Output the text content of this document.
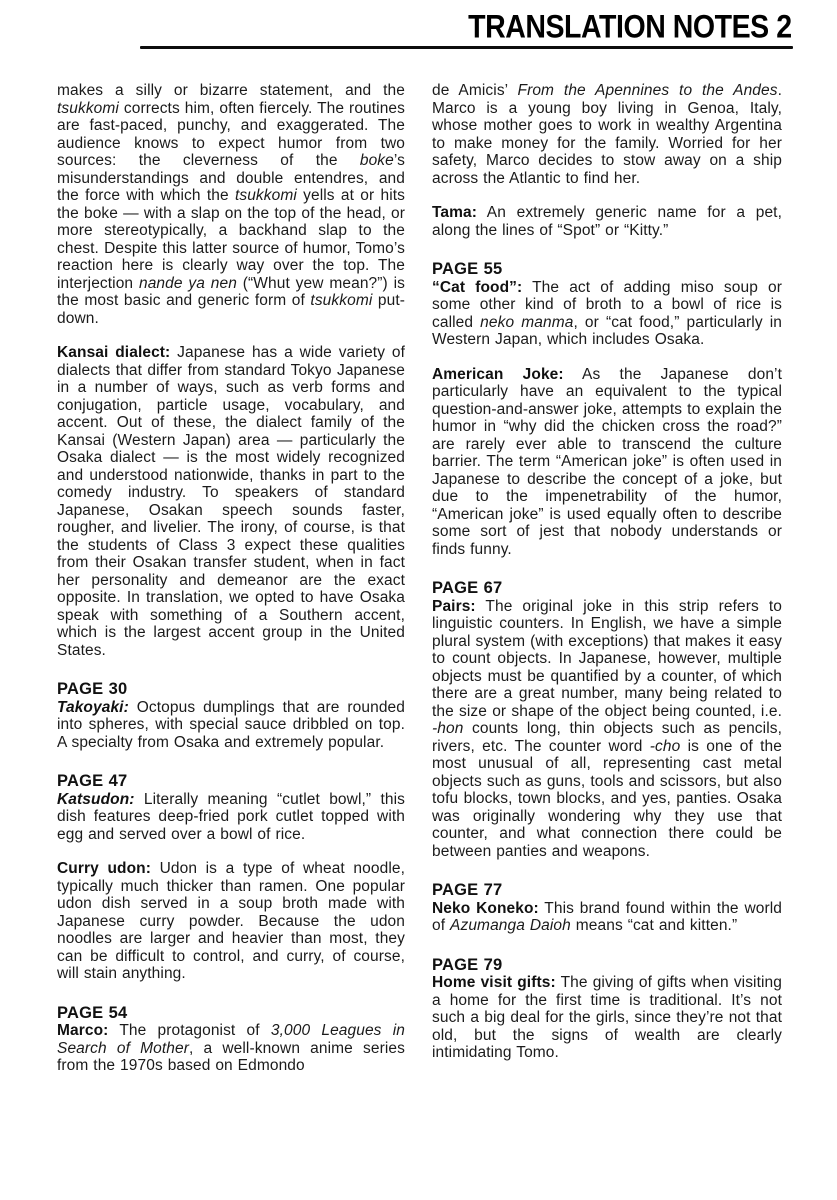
TRANSLATION NOTES 2

makes a silly or bizarre statement, and the tsukkomi corrects him, often fiercely. The routines are fast-paced, punchy, and exaggerated. The audience knows to expect humor from two sources: the cleverness of the boke’s misunderstandings and double entendres, and the force with which the tsukkomi yells at or hits the boke — with a slap on the top of the head, or more stereotypically, a backhand slap to the chest. Despite this latter source of humor, Tomo’s reaction here is clearly way over the top. The interjection nande ya nen (“Whut yew mean?”) is the most basic and generic form of tsukkomi put-down.

Kansai dialect: Japanese has a wide variety of dialects that differ from standard Tokyo Japanese in a number of ways, such as verb forms and conjugation, particle usage, vocabulary, and accent. Out of these, the dialect family of the Kansai (Western Japan) area — particularly the Osaka dialect — is the most widely recognized and understood nationwide, thanks in part to the comedy industry. To speakers of standard Japanese, Osakan speech sounds faster, rougher, and livelier. The irony, of course, is that the students of Class 3 expect these qualities from their Osakan transfer student, when in fact her personality and demeanor are the exact opposite. In translation, we opted to have Osaka speak with something of a Southern accent, which is the largest accent group in the United States.

PAGE 30

Takoyaki: Octopus dumplings that are rounded into spheres, with special sauce dribbled on top. A specialty from Osaka and extremely popular.

PAGE 47

Katsudon: Literally meaning “cutlet bowl,” this dish features deep-fried pork cutlet topped with egg and served over a bowl of rice.

Curry udon: Udon is a type of wheat noodle, typically much thicker than ramen. One popular udon dish served in a soup broth made with Japanese curry powder. Because the udon noodles are larger and heavier than most, they can be difficult to control, and curry, of course, will stain anything.

PAGE 54

Marco: The protagonist of 3,000 Leagues in Search of Mother, a well-known anime series from the 1970s based on Edmondo

de Amicis’ From the Apennines to the Andes. Marco is a young boy living in Genoa, Italy, whose mother goes to work in wealthy Argentina to make money for the family. Worried for her safety, Marco decides to stow away on a ship across the Atlantic to find her.

Tama: An extremely generic name for a pet, along the lines of “Spot” or “Kitty.”

PAGE 55

“Cat food”: The act of adding miso soup or some other kind of broth to a bowl of rice is called neko manma, or “cat food,” particularly in Western Japan, which includes Osaka.

American Joke: As the Japanese don’t particularly have an equivalent to the typical question-and-answer joke, attempts to explain the humor in “why did the chicken cross the road?” are rarely ever able to transcend the culture barrier. The term “American joke” is often used in Japanese to describe the concept of a joke, but due to the impenetrability of the humor, “American joke” is used equally often to describe some sort of jest that nobody understands or finds funny.

PAGE 67

Pairs: The original joke in this strip refers to linguistic counters. In English, we have a simple plural system (with exceptions) that makes it easy to count objects. In Japanese, however, multiple objects must be quantified by a counter, of which there are a great number, many being related to the size or shape of the object being counted, i.e. -hon counts long, thin objects such as pencils, rivers, etc. The counter word -cho is one of the most unusual of all, representing cast metal objects such as guns, tools and scissors, but also tofu blocks, town blocks, and yes, panties. Osaka was originally wondering why they use that counter, and what connection there could be between panties and weapons.

PAGE 77

Neko Koneko: This brand found within the world of Azumanga Daioh means “cat and kitten.”

PAGE 79

Home visit gifts: The giving of gifts when visiting a home for the first time is traditional. It’s not such a big deal for the girls, since they’re not that old, but the signs of wealth are clearly intimidating Tomo.
